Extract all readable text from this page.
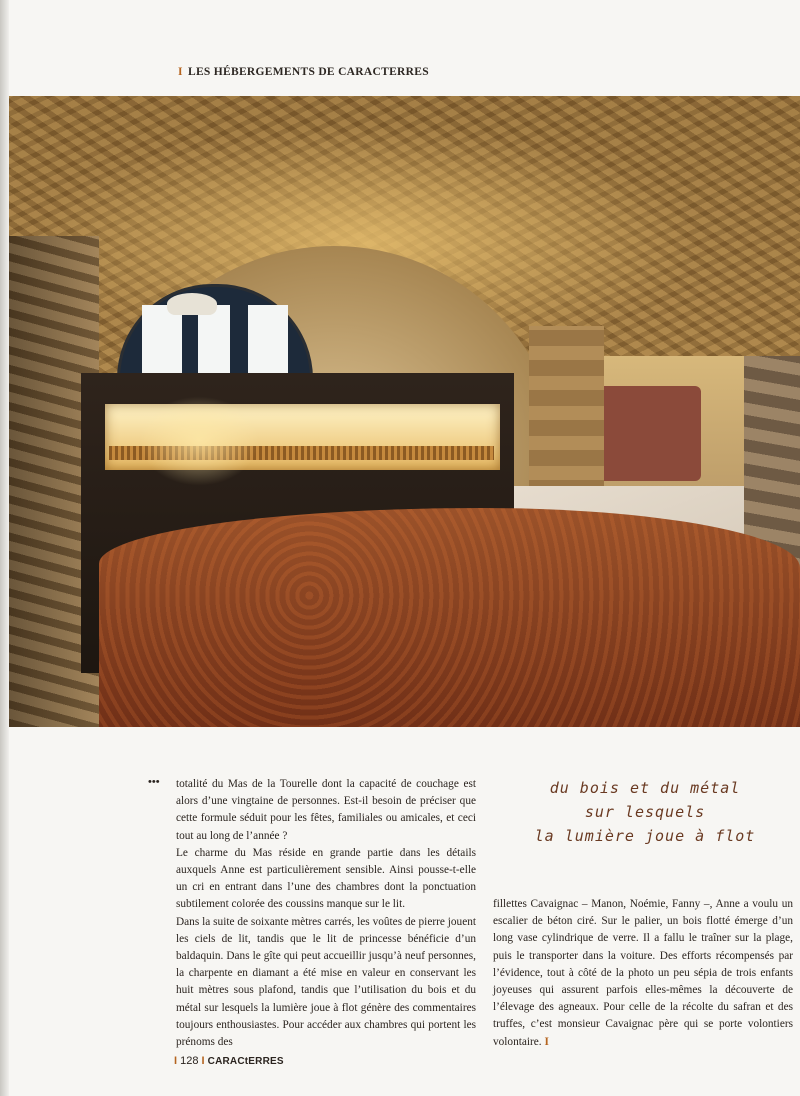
I LES HÉBERGEMENTS DE CARACTERRES
••• totalité du Mas de la Tourelle dont la capacité de couchage est alors d’une vingtaine de personnes. Est-il besoin de préciser que cette formule séduit pour les fêtes, familiales ou amicales, et ceci tout au long de l’année ?

Le charme du Mas réside en grande partie dans les détails auxquels Anne est particulièrement sensible. Ainsi pousse-t-elle un cri en entrant dans l’une des chambres dont la ponctuation subtilement colorée des coussins manque sur le lit.

Dans la suite de soixante mètres carrés, les voûtes de pierre jouent les ciels de lit, tandis que le lit de princesse bénéficie d’un baldaquin. Dans le gîte qui peut accueillir jusqu’à neuf personnes, la charpente en diamant a été mise en valeur en conservant les huit mètres sous plafond, tandis que l’utilisation du bois et du métal sur lesquels la lumière joue à flot génère des commentaires toujours enthousiastes. Pour accéder aux chambres qui portent les prénoms des

du bois et du métal
sur lesquels
la lumière joue à flot

fillettes Cavaignac – Manon, Noémie, Fanny –, Anne a voulu un escalier de béton ciré. Sur le palier, un bois flotté émerge d’un long vase cylindrique de verre. Il a fallu le traîner sur la plage, puis le transporter dans la voiture. Des efforts récompensés par l’évidence, tout à côté de la photo un peu sépia de trois enfants joyeuses qui assurent parfois elles-mêmes la découverte de l’élevage des agneaux. Pour celle de la récolte du safran et des truffes, c’est monsieur Cavaignac père qui se porte volontiers volontaire. I

I 128 I CARACtERRES
